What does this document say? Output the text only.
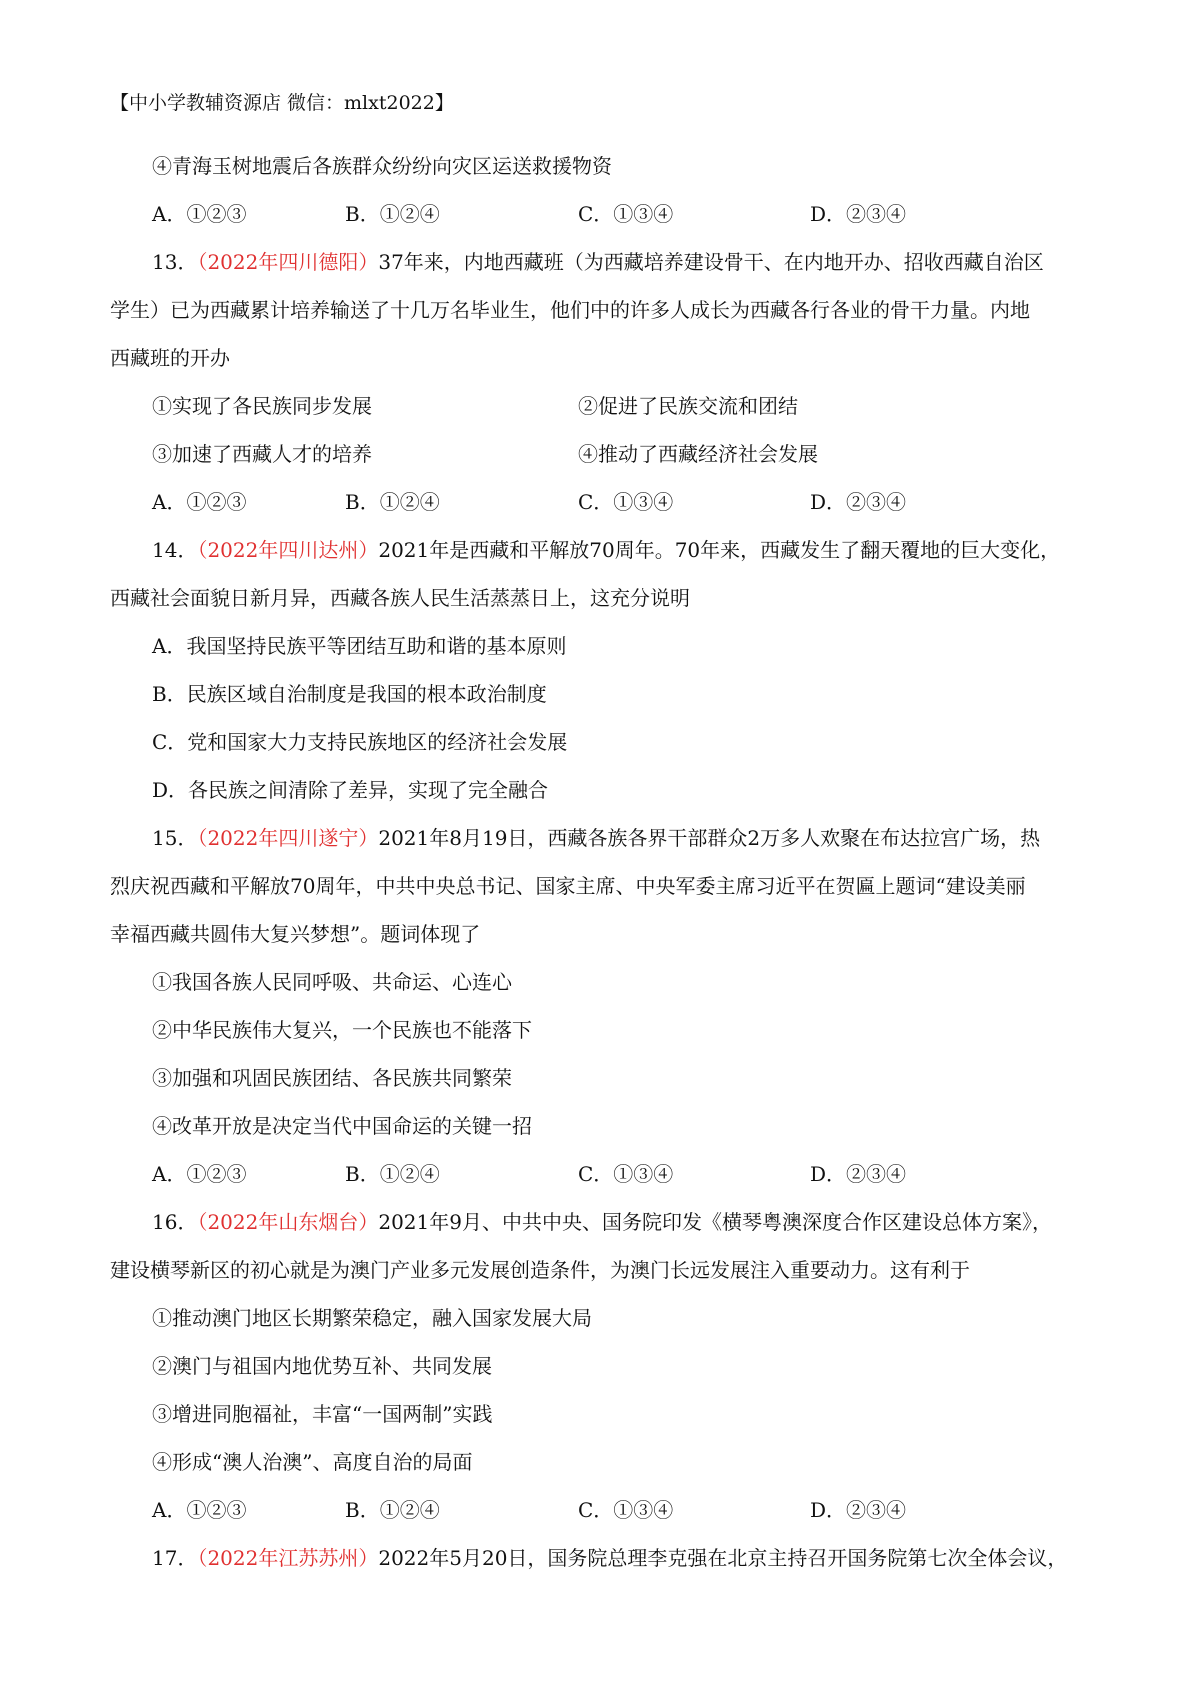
【中小学教辅资源店 微信：mlxt2022】
④青海玉树地震后各族群众纷纷向灾区运送救援物资
A．①②③	B．①②④	C．①③④	D．②③④
13．（2022年四川德阳）37年来，内地西藏班（为西藏培养建设骨干、在内地开办、招收西藏自治区
学生）已为西藏累计培养输送了十几万名毕业生，他们中的许多人成长为西藏各行各业的骨干力量。内地
西藏班的开办
①实现了各民族同步发展	②促进了民族交流和团结
③加速了西藏人才的培养	④推动了西藏经济社会发展
A．①②③	B．①②④	C．①③④	D．②③④
14．（2022年四川达州）2021年是西藏和平解放70周年。70年来，西藏发生了翻天覆地的巨大变化，
西藏社会面貌日新月异，西藏各族人民生活蒸蒸日上，这充分说明
A．我国坚持民族平等团结互助和谐的基本原则
B．民族区域自治制度是我国的根本政治制度
C．党和国家大力支持民族地区的经济社会发展
D．各民族之间清除了差异，实现了完全融合
15．（2022年四川遂宁）2021年8月19日，西藏各族各界干部群众2万多人欢聚在布达拉宫广场，热
烈庆祝西藏和平解放70周年，中共中央总书记、国家主席、中央军委主席习近平在贺匾上题词“建设美丽
幸福西藏共圆伟大复兴梦想”。题词体现了
①我国各族人民同呼吸、共命运、心连心
②中华民族伟大复兴，一个民族也不能落下
③加强和巩固民族团结、各民族共同繁荣
④改革开放是决定当代中国命运的关键一招
A．①②③	B．①②④	C．①③④	D．②③④
16．（2022年山东烟台）2021年9月、中共中央、国务院印发《横琴粤澳深度合作区建设总体方案》，
建设横琴新区的初心就是为澳门产业多元发展创造条件，为澳门长远发展注入重要动力。这有利于
①推动澳门地区长期繁荣稳定，融入国家发展大局
②澳门与祖国内地优势互补、共同发展
③增进同胞福祉，丰富“一国两制”实践
④形成“澳人治澳”、高度自治的局面
A．①②③	B．①②④	C．①③④	D．②③④
17．（2022年江苏苏州）2022年5月20日，国务院总理李克强在北京主持召开国务院第七次全体会议，
